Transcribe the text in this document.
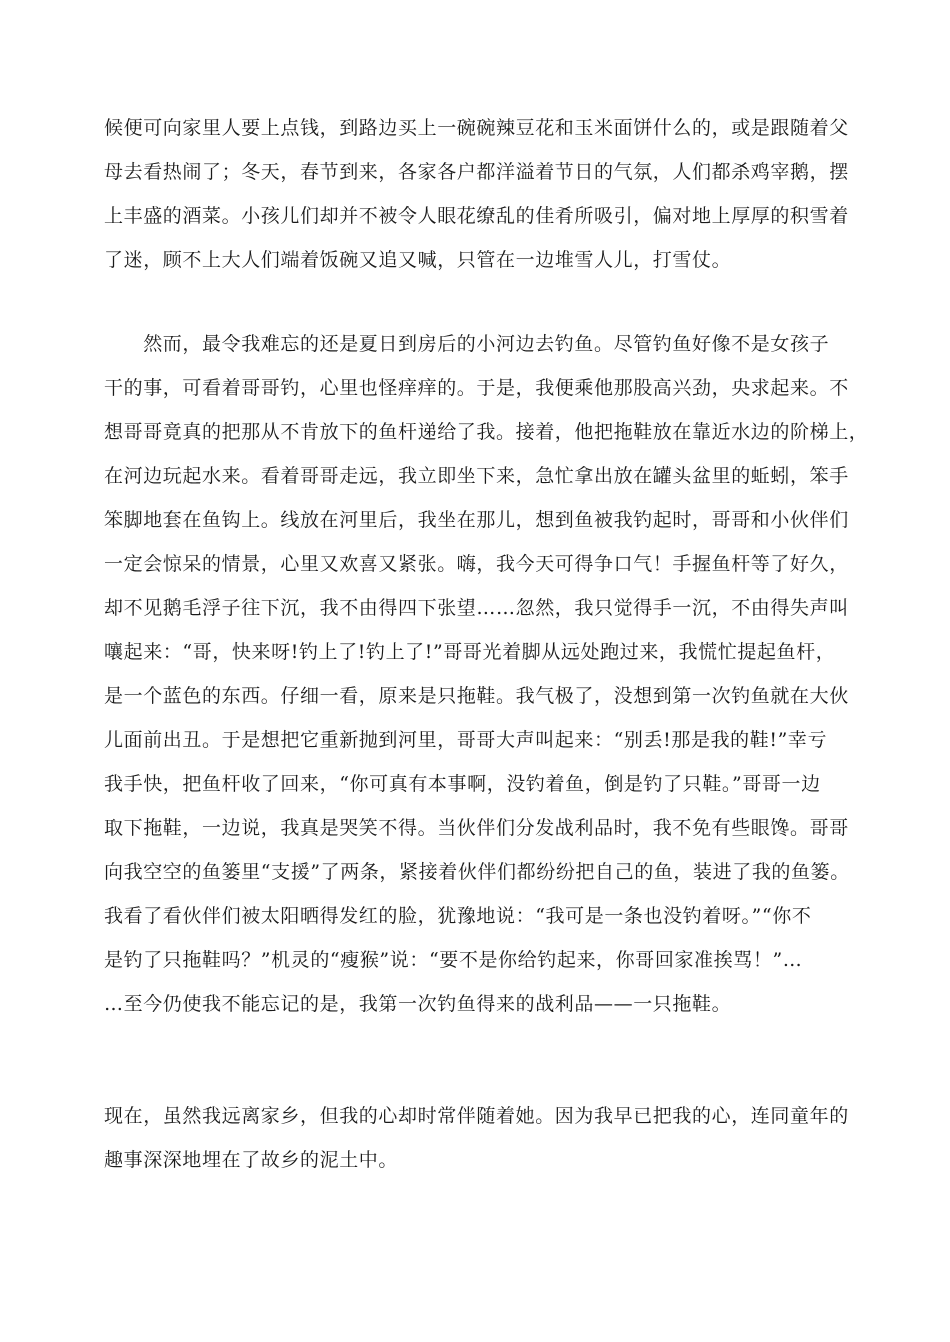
候便可向家里人要上点钱，到路边买上一碗碗辣豆花和玉米面饼什么的，或是跟随着父
母去看热闹了；冬天，春节到来，各家各户都洋溢着节日的气氛，人们都杀鸡宰鹅，摆
上丰盛的酒菜。小孩儿们却并不被令人眼花缭乱的佳肴所吸引，偏对地上厚厚的积雪着
了迷，顾不上大人们端着饭碗又追又喊，只管在一边堆雪人儿，打雪仗。
　　然而，最令我难忘的还是夏日到房后的小河边去钓鱼。尽管钓鱼好像不是女孩子
干的事，可看着哥哥钓，心里也怪痒痒的。于是，我便乘他那股高兴劲，央求起来。不
想哥哥竟真的把那从不肯放下的鱼杆递给了我。接着，他把拖鞋放在靠近水边的阶梯上，
在河边玩起水来。看着哥哥走远，我立即坐下来，急忙拿出放在罐头盆里的蚯蚓，笨手
笨脚地套在鱼钩上。线放在河里后，我坐在那儿，想到鱼被我钓起时，哥哥和小伙伴们
一定会惊呆的情景，心里又欢喜又紧张。嗨，我今天可得争口气！手握鱼杆等了好久，
却不见鹅毛浮子往下沉，我不由得四下张望……忽然，我只觉得手一沉，不由得失声叫
嚷起来：“哥，快来呀!钓上了!钓上了!”哥哥光着脚从远处跑过来，我慌忙提起鱼杆，
是一个蓝色的东西。仔细一看，原来是只拖鞋。我气极了，没想到第一次钓鱼就在大伙
儿面前出丑。于是想把它重新抛到河里，哥哥大声叫起来：“别丢!那是我的鞋!”幸亏
我手快，把鱼杆收了回来，“你可真有本事啊，没钓着鱼，倒是钓了只鞋。”哥哥一边
取下拖鞋，一边说，我真是哭笑不得。当伙伴们分发战利品时，我不免有些眼馋。哥哥
向我空空的鱼篓里“支援”了两条，紧接着伙伴们都纷纷把自己的鱼，装进了我的鱼篓。
我看了看伙伴们被太阳晒得发红的脸，犹豫地说：“我可是一条也没钓着呀。”“你不
是钓了只拖鞋吗？”机灵的“瘦猴”说：“要不是你给钓起来，你哥回家准挨骂！”…
…至今仍使我不能忘记的是，我第一次钓鱼得来的战利品——一只拖鞋。
现在，虽然我远离家乡，但我的心却时常伴随着她。因为我早已把我的心，连同童年的
趣事深深地埋在了故乡的泥土中。
